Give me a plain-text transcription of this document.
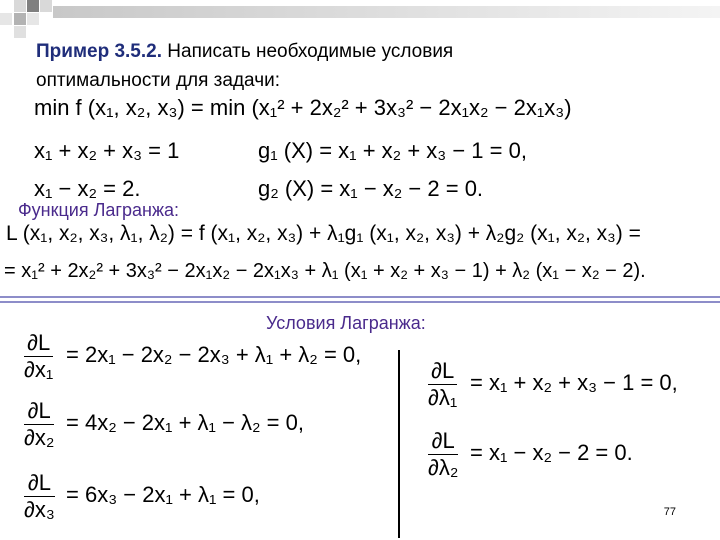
Пример 3.5.2. Написать необходимые условия
оптимальности для задачи:
min f (x₁, x₂, x₃) = min (x₁² + 2x₂² + 3x₃² − 2x₁x₂ − 2x₁x₃)
x₁ + x₂ + x₃ = 1	g₁ (X) = x₁ + x₂ + x₃ − 1 = 0,
x₁ − x₂ = 2.	g₂ (X) = x₁ − x₂ − 2 = 0.
Функция Лагранжа:
L (x₁, x₂, x₃, λ₁, λ₂) = f (x₁, x₂, x₃) + λ₁g₁ (x₁, x₂, x₃) + λ₂g₂ (x₁, x₂, x₃) =
= x₁² + 2x₂² + 3x₃² − 2x₁x₂ − 2x₁x₃ + λ₁ (x₁ + x₂ + x₃ − 1) + λ₂ (x₁ − x₂ − 2).
Условия Лагранжа:
$\frac{\partial L}{\text{∂x₁}} = 2x_1 - 2x_2 - 2x_3 + \lambda_1 + \lambda_2 = 0$,
$\frac{\partial L}{\text{∂x₂}} = 4x_2 - 2x_1 + \lambda_1 - \lambda_2 = 0$,
$\frac{\partial L}{\text{∂x₃}} = 6x_3 - 2x_1 + \lambda_1 = 0$,
$\frac{\partial L}{\text{∂λ₁}} = x_1 + x_2 + x_3 - 1 = 0$,
$\frac{\partial L}{\text{∂λ₂}} = x_1 - x_2 - 2 = 0$.
77
